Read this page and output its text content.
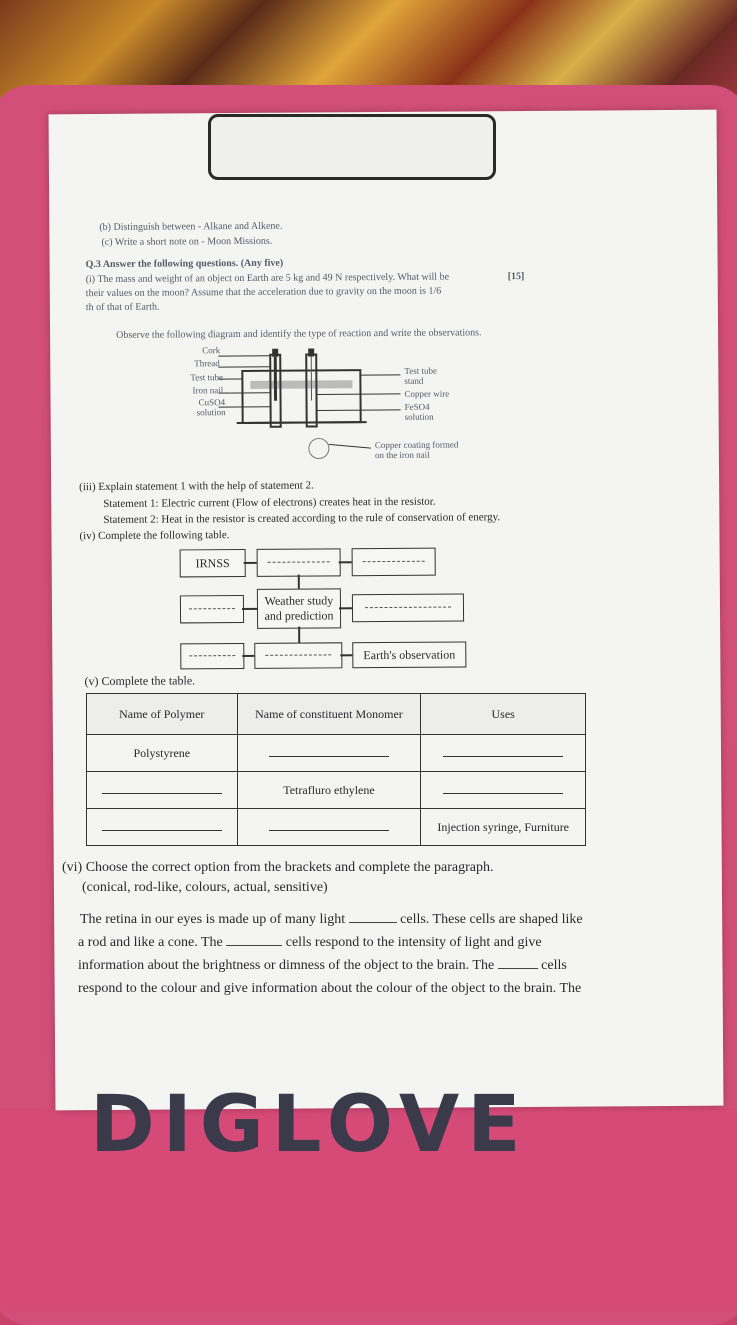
(b) Distinguish between - Alkane and Alkene.
(c) Write a short note on - Moon Missions.
Q.3 Answer the following questions. (Any five)
[15]
(i) The mass and weight of an object on Earth are 5 kg and 49 N respectively. What will be
their values on the moon? Assume that the acceleration due to gravity on the moon is 1/6
th of that of Earth.
Observe the following diagram and identify the type of reaction and write the observations.
Cork
Thread
Test tube
Iron nail
CuSO4
solution
Test tube stand
Copper wire
FeSO4
solution
Copper coating formed
on the iron nail
(iii) Explain statement 1 with the help of statement 2.
Statement 1: Electric current (Flow of electrons) creates heat in the resistor.
Statement 2: Heat in the resistor is created according to the rule of conservation of energy.
(iv) Complete the following table.
IRNSS
Weather study and prediction
Earth's observation
(v) Complete the table.
Name of Polymer	Name of constituent Monomer	Uses
Polystyrene		
	Tetrafluro ethylene	
		Injection syringe, Furniture
(vi) Choose the correct option from the brackets and complete the paragraph.
(conical, rod-like, colours, actual, sensitive)
The retina in our eyes is made up of many light	cells. These cells are shaped like
a rod and like a cone. The	cells respond to the intensity of light and give
information about the brightness or dimness of the object to the brain. The	cells
respond to the colour and give information about the colour of the object to the brain. The
DIGLOVE
